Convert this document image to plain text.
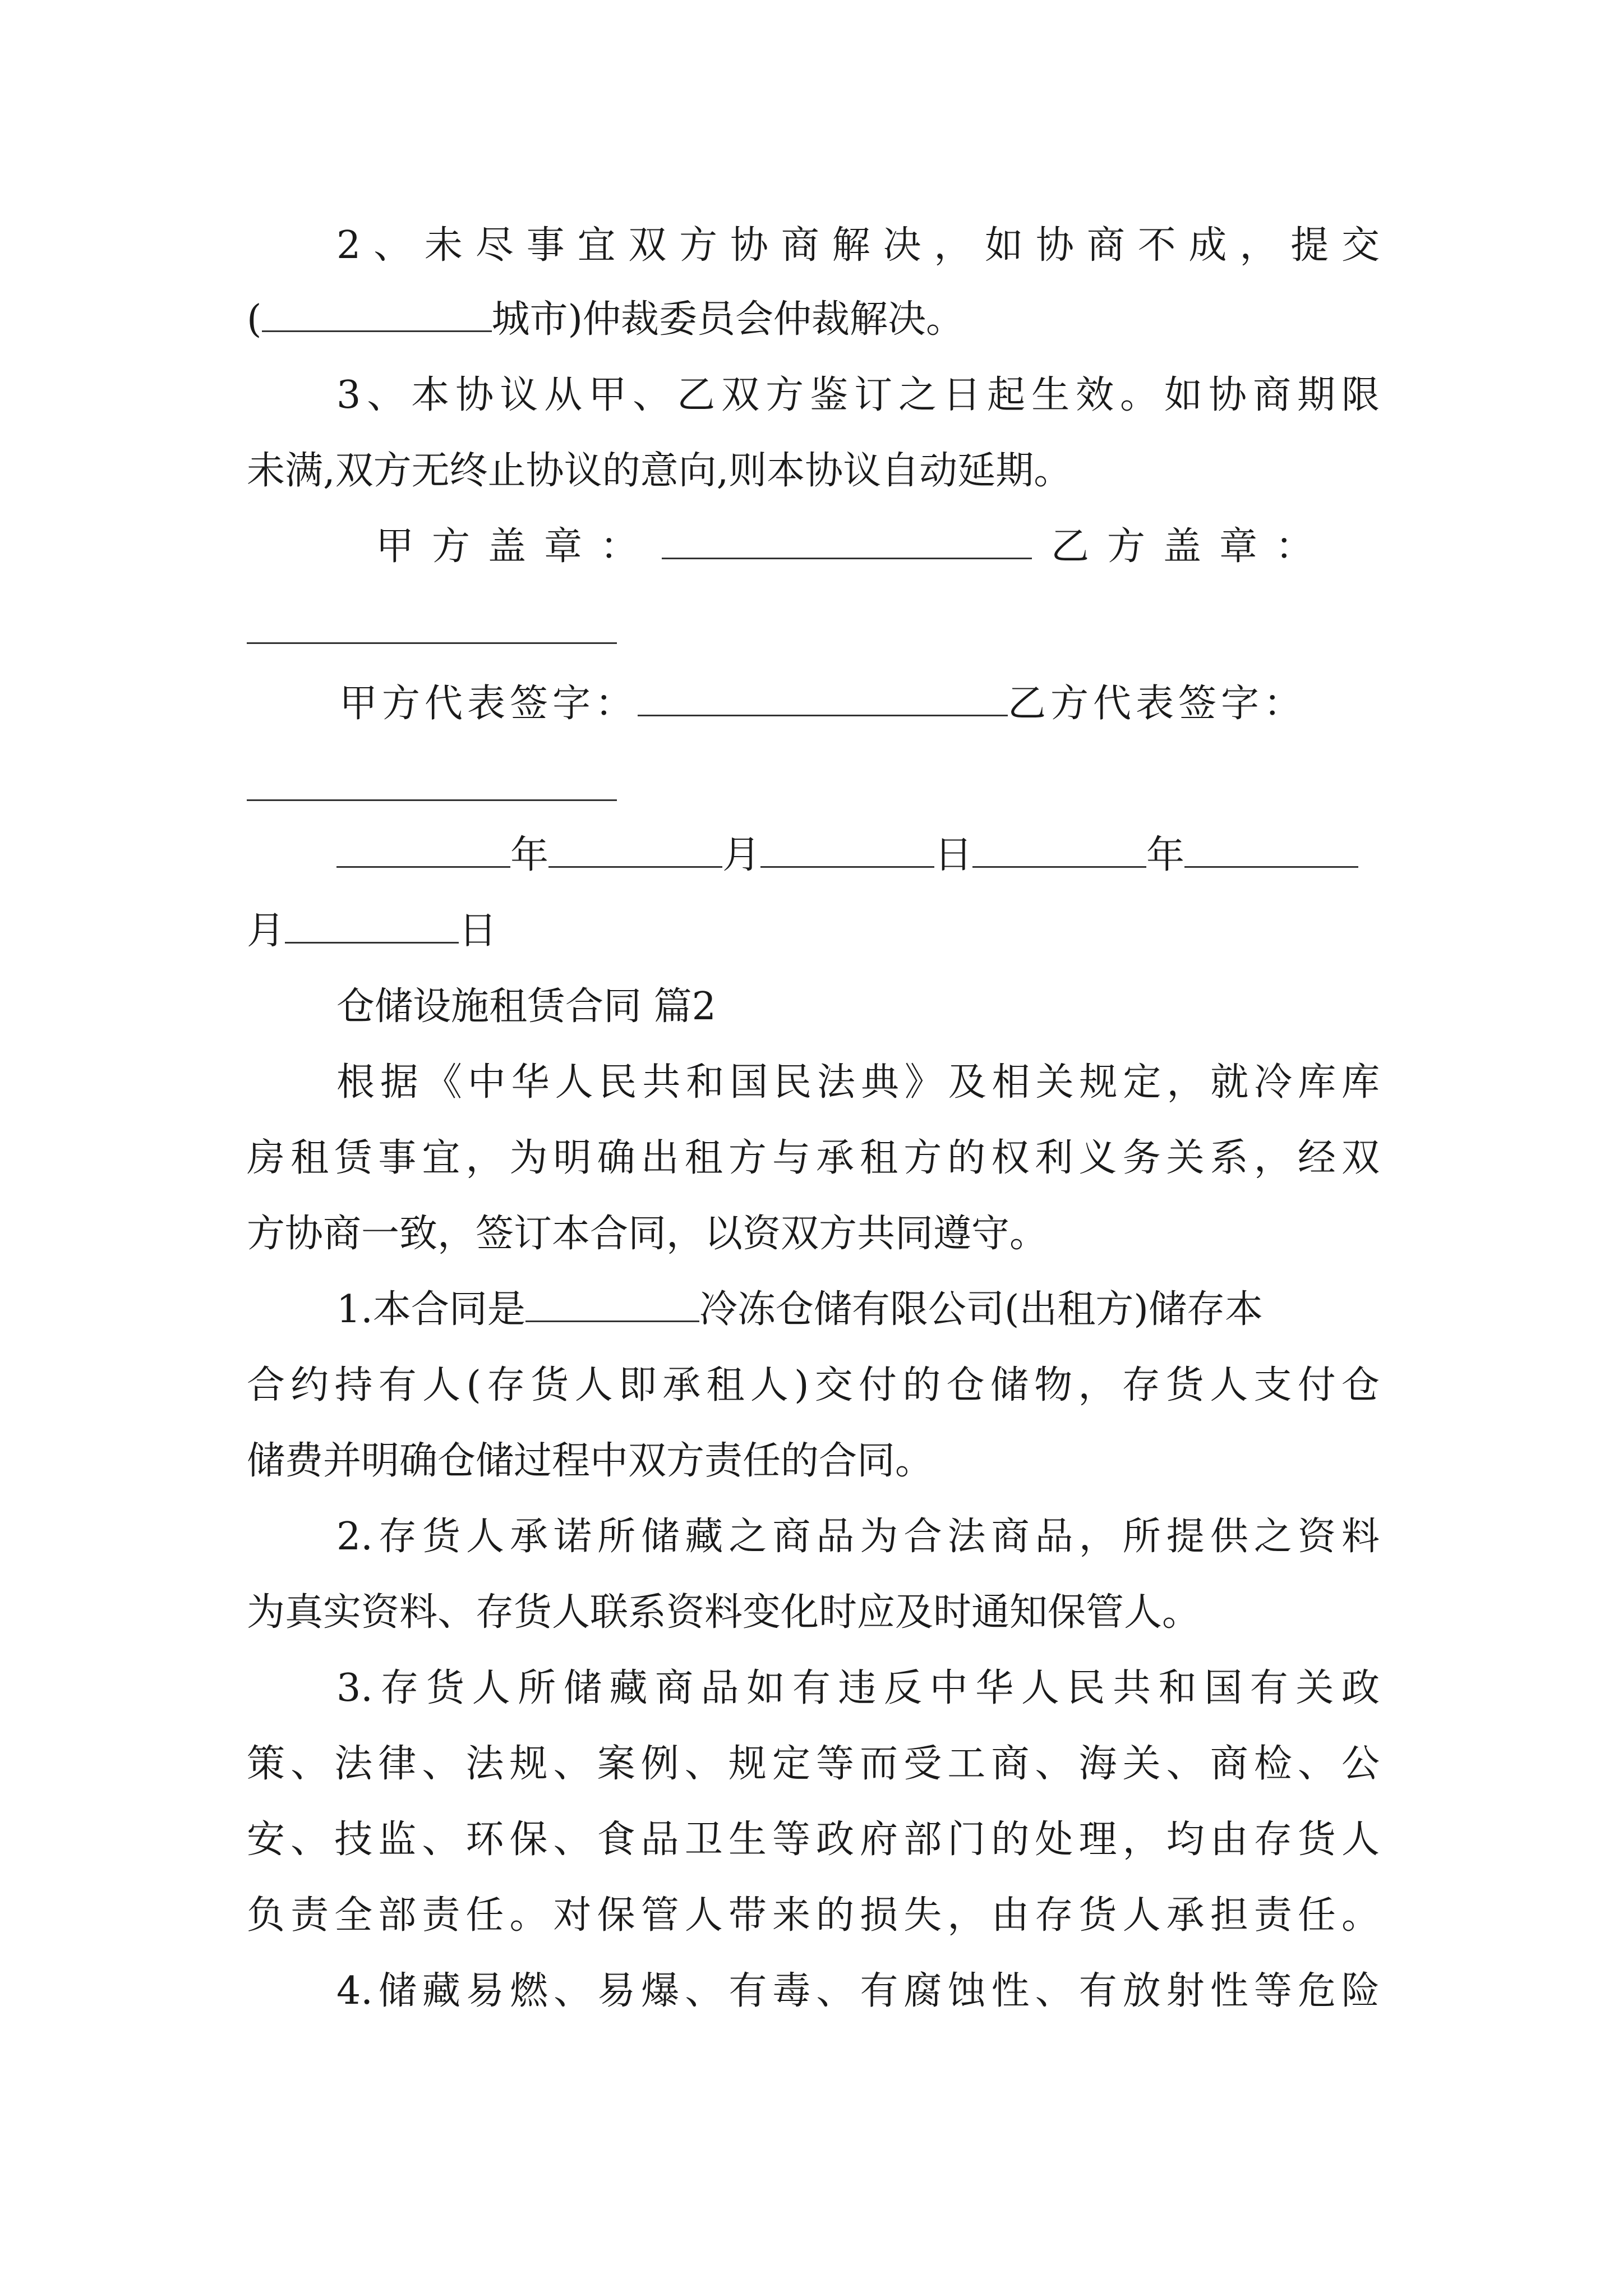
2、未尽事宜双方协商解决，如协商不成，提交
(	城市)仲裁委员会仲裁解决。
3、本协议从甲、乙双方鉴订之日起生效。如协商期限
未满,双方无终止协议的意向,则本协议自动延期。
甲方盖章：	乙方盖章：
甲方代表签字：	乙方代表签字：
年	月	日	年
月	日
仓储设施租赁合同 篇2
根据《中华人民共和国民法典》及相关规定，就冷库库
房租赁事宜，为明确出租方与承租方的权利义务关系，经双
方协商一致，签订本合同，以资双方共同遵守。
1.本合同是	冷冻仓储有限公司(出租方)储存本
合约持有人(存货人即承租人)交付的仓储物，存货人支付仓
储费并明确仓储过程中双方责任的合同。
2.存货人承诺所储藏之商品为合法商品，所提供之资料
为真实资料、存货人联系资料变化时应及时通知保管人。
3.存货人所储藏商品如有违反中华人民共和国有关政
策、法律、法规、案例、规定等而受工商、海关、商检、公
安、技监、环保、食品卫生等政府部门的处理，均由存货人
负责全部责任。对保管人带来的损失，由存货人承担责任。
4.储藏易燃、易爆、有毒、有腐蚀性、有放射性等危险
